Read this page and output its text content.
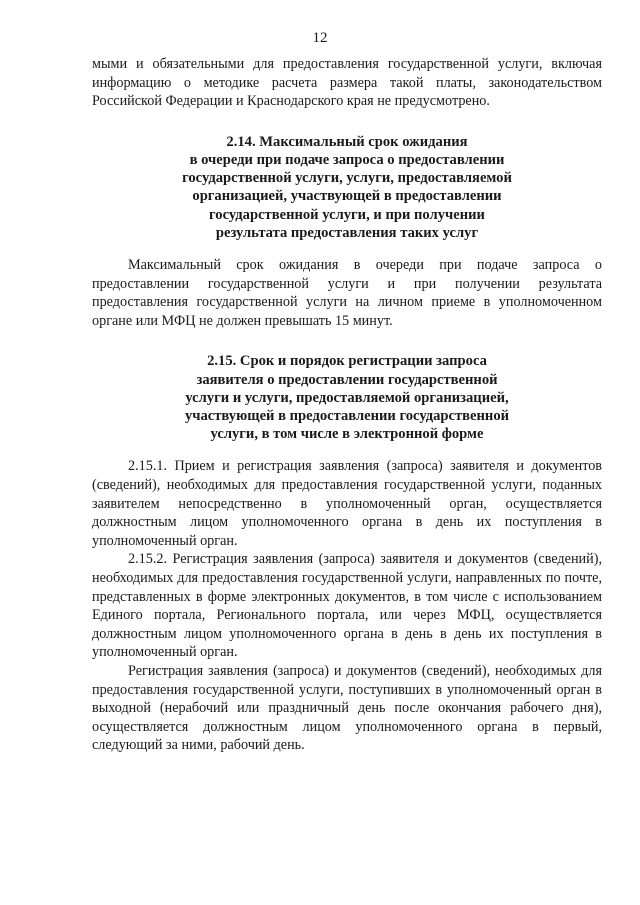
12

мыми и обязательными для предоставления государственной услуги, включая информацию о методике расчета размера такой платы, законодательством Российской Федерации и Краснодарского края не предусмотрено.

2.14. Максимальный срок ожидания
в очереди при подаче запроса о предоставлении
государственной услуги, услуги, предоставляемой
организацией, участвующей в предоставлении
государственной услуги, и при получении
результата предоставления таких услуг

Максимальный срок ожидания в очереди при подаче запроса о предоставлении государственной услуги и при получении результата предоставления государственной услуги на личном приеме в уполномоченном органе или МФЦ не должен превышать 15 минут.

2.15. Срок и порядок регистрации запроса
заявителя о предоставлении государственной
услуги и услуги, предоставляемой организацией,
участвующей в предоставлении государственной
услуги, в том числе в электронной форме

2.15.1. Прием и регистрация заявления (запроса) заявителя и документов (сведений), необходимых для предоставления государственной услуги, поданных заявителем непосредственно в уполномоченный орган, осуществляется должностным лицом уполномоченного органа в день их поступления в уполномоченный орган.

2.15.2. Регистрация заявления (запроса) заявителя и документов (сведений), необходимых для предоставления государственной услуги, направленных по почте, представленных в форме электронных документов, в том числе с использованием Единого портала, Регионального портала, или через МФЦ, осуществляется должностным лицом уполномоченного органа в день в день их поступления в уполномоченный орган.

Регистрация заявления (запроса) и документов (сведений), необходимых для предоставления государственной услуги, поступивших в уполномоченный орган в выходной (нерабочий или праздничный день после окончания рабочего дня), осуществляется должностным лицом уполномоченного органа в первый, следующий за ними, рабочий день.
